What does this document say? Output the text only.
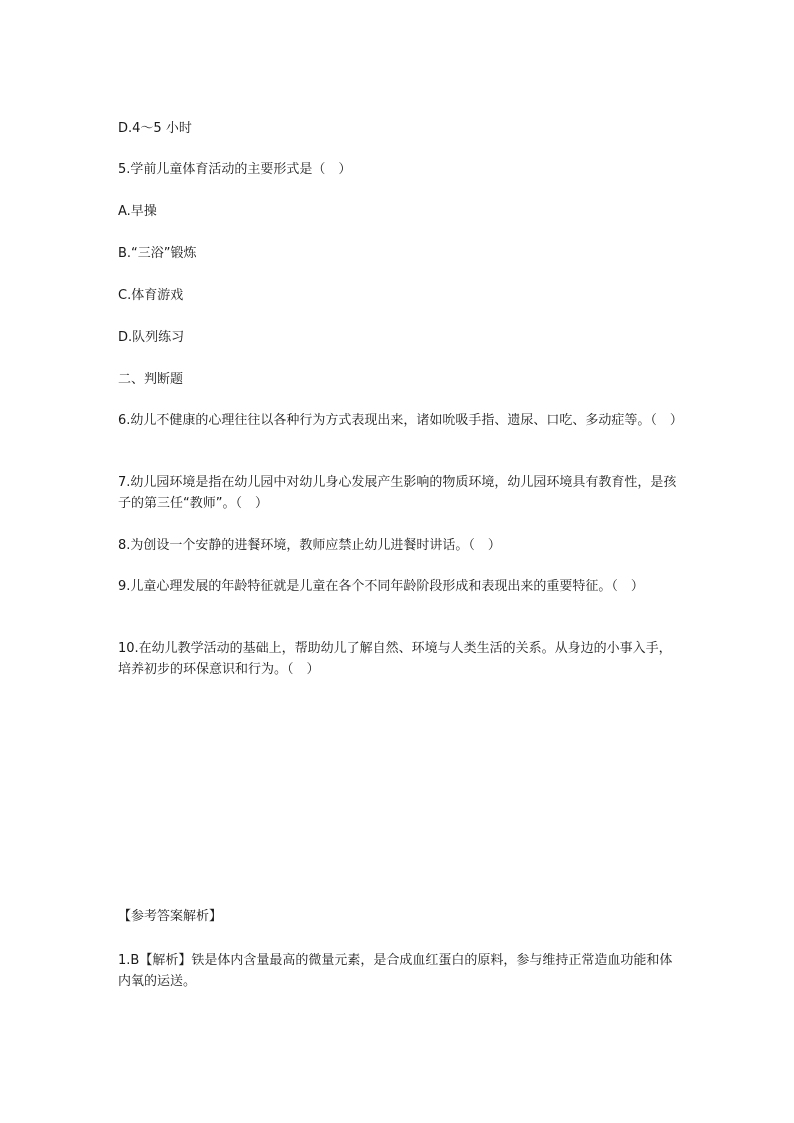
D.4～5 小时
5.学前儿童体育活动的主要形式是（　）
A.早操
B.“三浴”锻炼
C.体育游戏
D.队列练习
二、判断题
6.幼儿不健康的心理往往以各种行为方式表现出来，诸如吮吸手指、遗尿、口吃、多动症等。（　）
7.幼儿园环境是指在幼儿园中对幼儿身心发展产生影响的物质环境，幼儿园环境具有教育性，是孩子的第三任“教师”。（　）
8.为创设一个安静的进餐环境，教师应禁止幼儿进餐时讲话。（　）
9.儿童心理发展的年龄特征就是儿童在各个不同年龄阶段形成和表现出来的重要特征。（　）
10.在幼儿教学活动的基础上，帮助幼儿了解自然、环境与人类生活的关系。从身边的小事入手，培养初步的环保意识和行为。（　）
【参考答案解析】
1.B【解析】铁是体内含量最高的微量元素，是合成血红蛋白的原料，参与维持正常造血功能和体内氧的运送。
